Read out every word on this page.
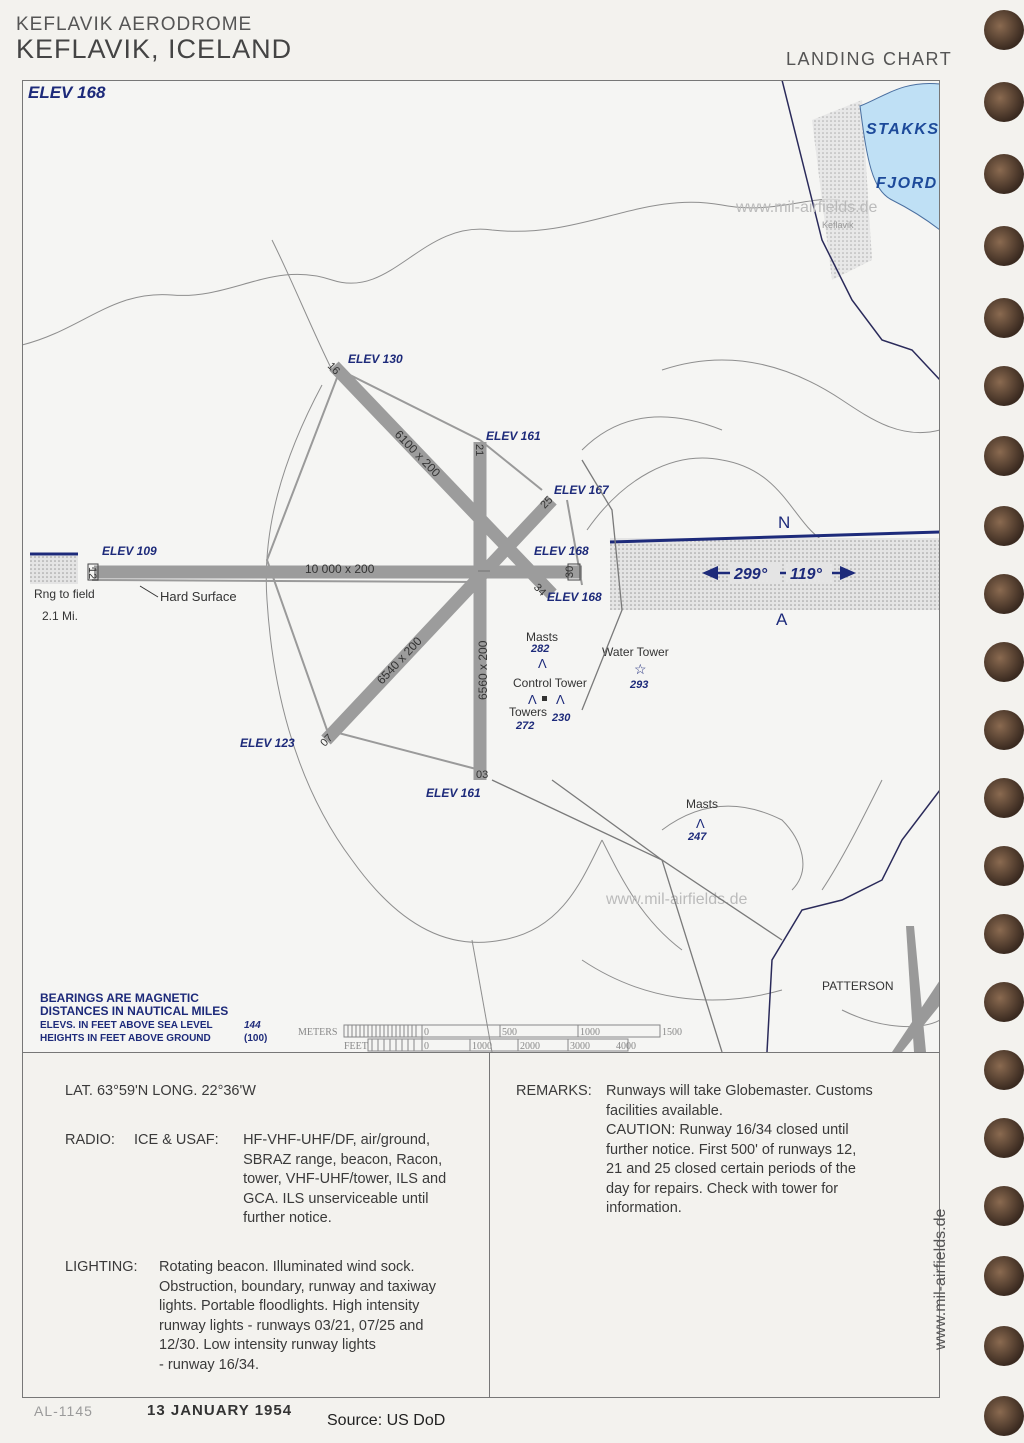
KEFLAVIK AERODROME
KEFLAVIK, ICELAND	LANDING CHART
10 000 x 200
6100 x 200
6540 x 200	6560 x 200
16
21
25
30
34
12
07
03
ELEV 168
ELEV 130
ELEV 161
ELEV 167
ELEV 168
ELEV 168
ELEV 109
ELEV 123
ELEV 161
STAKKS
FJORD
Keflavik
www.mil-airfields.de
www.mil-airfields.de
N
A
299° 119°
Rng to field
2.1 Mi.
Hard Surface
Masts
282
Λ
Water Tower
☆
293
Control Tower
Λ Λ
Towers 230
272
Masts
Λ
247
PATTERSON
BEARINGS ARE MAGNETIC
DISTANCES IN NAUTICAL MILES
ELEVS. IN FEET ABOVE SEA LEVEL	144
HEIGHTS IN FEET ABOVE GROUND	(100)
METERS
FEET
0	500	1000	1500
0	1000	2000	3000	4000
LAT. 63°59'N LONG. 22°36'W
RADIO: ICE & USAF: HF-VHF-UHF/DF, air/ground,
SBRAZ range, beacon, Racon,
tower, VHF-UHF/tower, ILS and
GCA. ILS unserviceable until
further notice.
LIGHTING: Rotating beacon. Illuminated wind sock.
Obstruction, boundary, runway and taxiway
lights. Portable floodlights. High intensity
runway lights - runways 03/21, 07/25 and
12/30. Low intensity runway lights
- runway 16/34.
REMARKS: Runways will take Globemaster. Customs
facilities available.
CAUTION: Runway 16/34 closed until
further notice. First 500' of runways 12,
21 and 25 closed certain periods of the
day for repairs. Check with tower for
information.
www.mil-airfields.de
AL-1145	13 JANUARY 1954
Source: US DoD
